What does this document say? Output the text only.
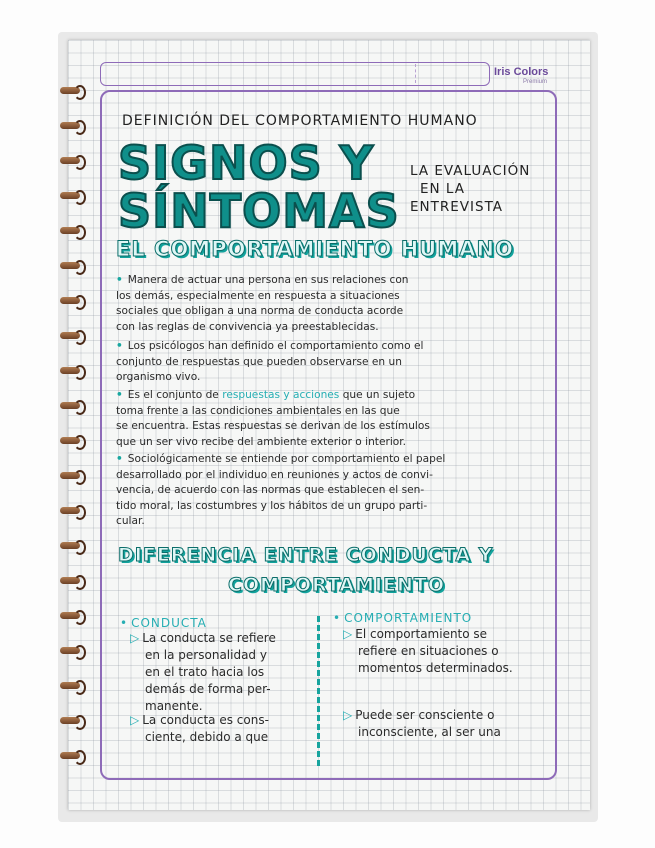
Iris Colors
Premium
DEFINICIÓN DEL COMPORTAMIENTO HUMANO
SIGNOS Y
SÍNTOMAS
LA EVALUACIÓN
EN LA
ENTREVISTA
EL COMPORTAMIENTO HUMANO

• Manera de actuar una persona en sus relaciones con
los demás, especialmente en respuesta a situaciones
sociales que obligan a una norma de conducta acorde
con las reglas de convivencia ya preestablecidas.

• Los psicólogos han definido el comportamiento como el
conjunto de respuestas que pueden observarse en un
organismo vivo.

• Es el conjunto de respuestas y acciones que un sujeto
toma frente a las condiciones ambientales en las que
se encuentra. Estas respuestas se derivan de los estímulos
que un ser vivo recibe del ambiente exterior o interior.

• Sociológicamente se entiende por comportamiento el papel
desarrollado por el individuo en reuniones y actos de convi-
vencia, de acuerdo con las normas que establecen el sen-
tido moral, las costumbres y los hábitos de un grupo parti-
cular.

DIFERENCIA ENTRE CONDUCTA Y
COMPORTAMIENTO
• CONDUCTA

▷ La conducta se refiere
en la personalidad y
en el trato hacia los
demás de forma per-
manente.

▷ La conducta es cons-
ciente, debido a que

• COMPORTAMIENTO

▷ El comportamiento se
refiere en situaciones o
momentos determinados.

▷ Puede ser consciente o
inconsciente, al ser una
